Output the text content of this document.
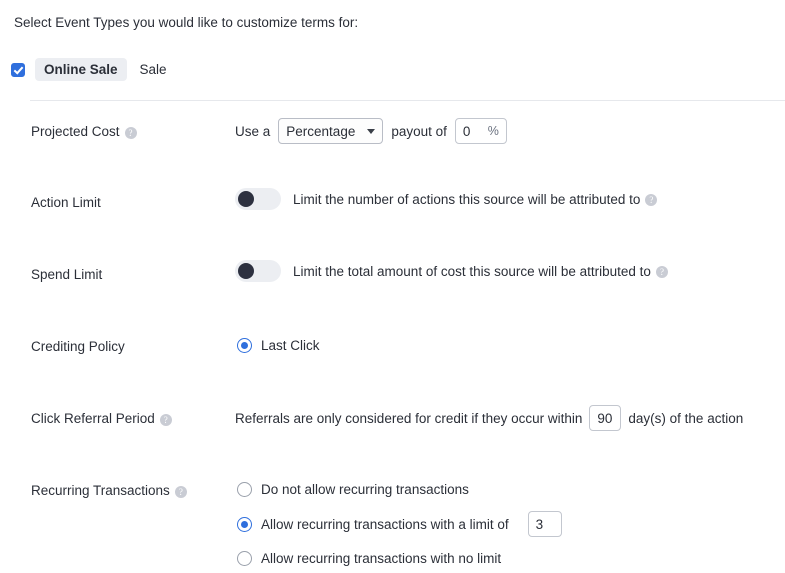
Select Event Types you would like to customize terms for:
Online Sale	Sale
Projected Cost ?	Use a Percentage	payout of 0 %
Action Limit	Limit the number of actions this source will be attributed to	?
Spend Limit	Limit the total amount of cost this source will be attributed to	?
Crediting Policy	Last Click
Click Referral Period ?	Referrals are only considered for credit if they occur within 90 day(s) of the action
Recurring Transactions ?	Do not allow recurring transactions
Allow recurring transactions with a limit of 3
Allow recurring transactions with no limit
